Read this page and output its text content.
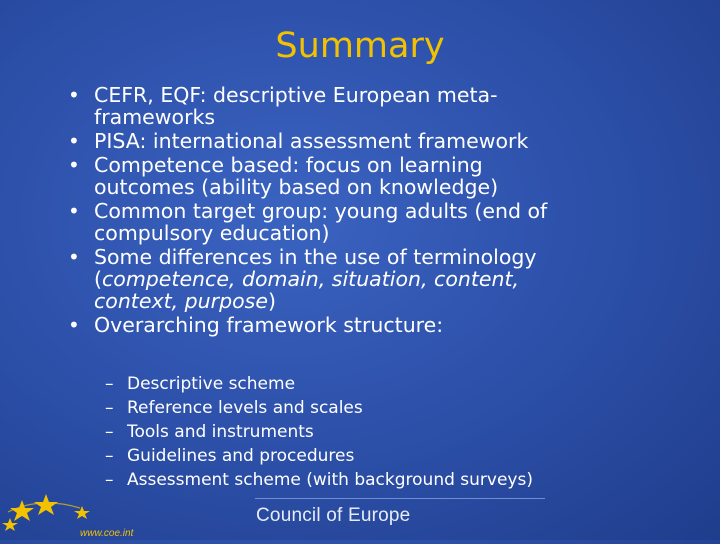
Summary
• CEFR, EQF: descriptive European meta-
frameworks
• PISA: international assessment framework
• Competence based: focus on learning
outcomes (ability based on knowledge)
• Common target group: young adults (end of
compulsory education)
• Some differences in the use of terminology
(competence, domain, situation, content,
context, purpose)
• Overarching framework structure:
– Descriptive scheme
– Reference levels and scales
– Tools and instruments
– Guidelines and procedures
– Assessment scheme (with background surveys)
www.coe.int
Council of Europe
